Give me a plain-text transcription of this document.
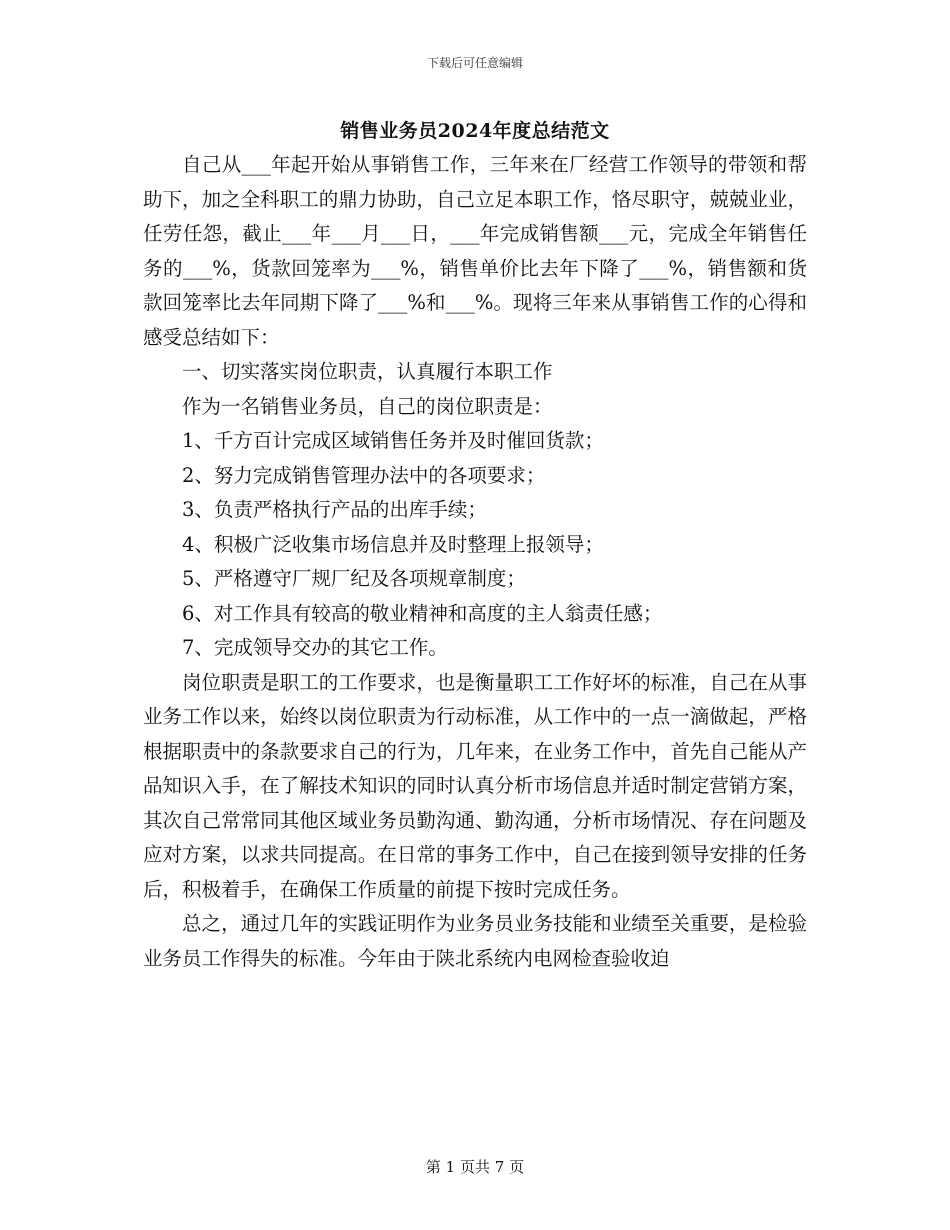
下载后可任意编辑
销售业务员2024年度总结范文

自己从___年起开始从事销售工作，三年来在厂经营工作领导的带领和帮助下，加之全科职工的鼎力协助，自己立足本职工作，恪尽职守，兢兢业业，任劳任怨，截止___年___月___日，___年完成销售额___元，完成全年销售任务的___%，货款回笼率为___%，销售单价比去年下降了___%，销售额和货款回笼率比去年同期下降了___%和___%。现将三年来从事销售工作的心得和感受总结如下：

一、切实落实岗位职责，认真履行本职工作

作为一名销售业务员，自己的岗位职责是：

1、千方百计完成区域销售任务并及时催回货款；

2、努力完成销售管理办法中的各项要求；

3、负责严格执行产品的出库手续；

4、积极广泛收集市场信息并及时整理上报领导；

5、严格遵守厂规厂纪及各项规章制度；

6、对工作具有较高的敬业精神和高度的主人翁责任感；

7、完成领导交办的其它工作。

岗位职责是职工的工作要求，也是衡量职工工作好坏的标准，自己在从事业务工作以来，始终以岗位职责为行动标准，从工作中的一点一滴做起，严格根据职责中的条款要求自己的行为，几年来，在业务工作中，首先自己能从产品知识入手，在了解技术知识的同时认真分析市场信息并适时制定营销方案，其次自己常常同其他区域业务员勤沟通、勤沟通，分析市场情况、存在问题及应对方案，以求共同提高。在日常的事务工作中，自己在接到领导安排的任务后，积极着手，在确保工作质量的前提下按时完成任务。

总之，通过几年的实践证明作为业务员业务技能和业绩至关重要，是检验业务员工作得失的标准。今年由于陕北系统内电网检查验收迫

第 1 页共 7 页
